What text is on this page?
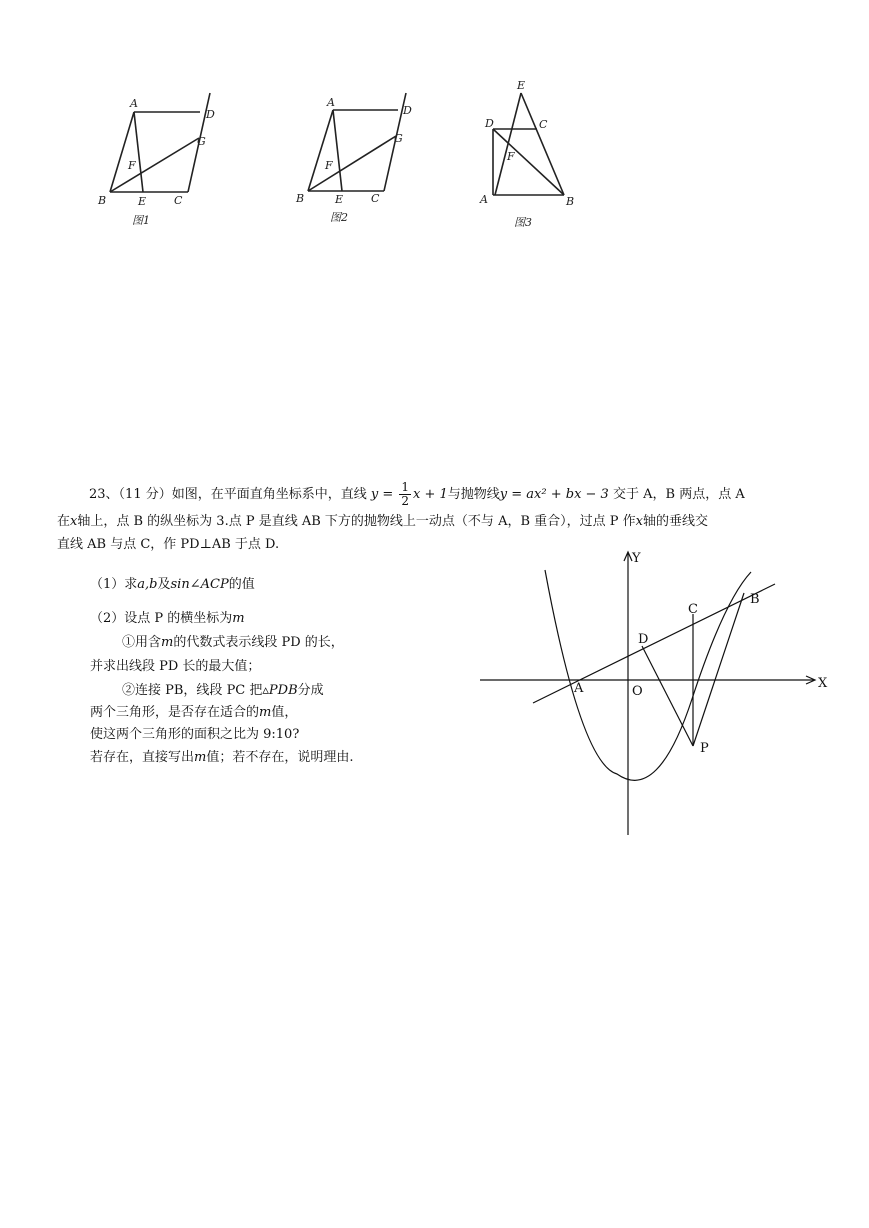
A
D
G
F
B	E	C
图1
A
D
G
F
B	E	C
图2
E
D	C
F
A	B
图3
23、（11 分）如图，在平面直角坐标系中，直线 $y = \frac{1}{2}$ x + 1与抛物线y = ax² + bx − 3 交于 A，B 两点，点 A
在x轴上，点 B 的纵坐标为 3.点 P 是直线 AB 下方的抛物线上一动点（不与 A，B 重合），过点 P 作x轴的垂线交
直线 AB 与点 C，作 PD⊥AB 于点 D.
（1）求a,b及sin∠ACP的值
（2）设点 P 的横坐标为m
①用含m的代数式表示线段 PD 的长，
并求出线段 PD 长的最大值；
②连接 PB，线段 PC 把▵PDB分成
两个三角形，是否存在适合的m值，
使这两个三角形的面积之比为 9:10?
若存在，直接写出m值；若不存在，说明理由.
Y
X
O
A
B
C
D
P
